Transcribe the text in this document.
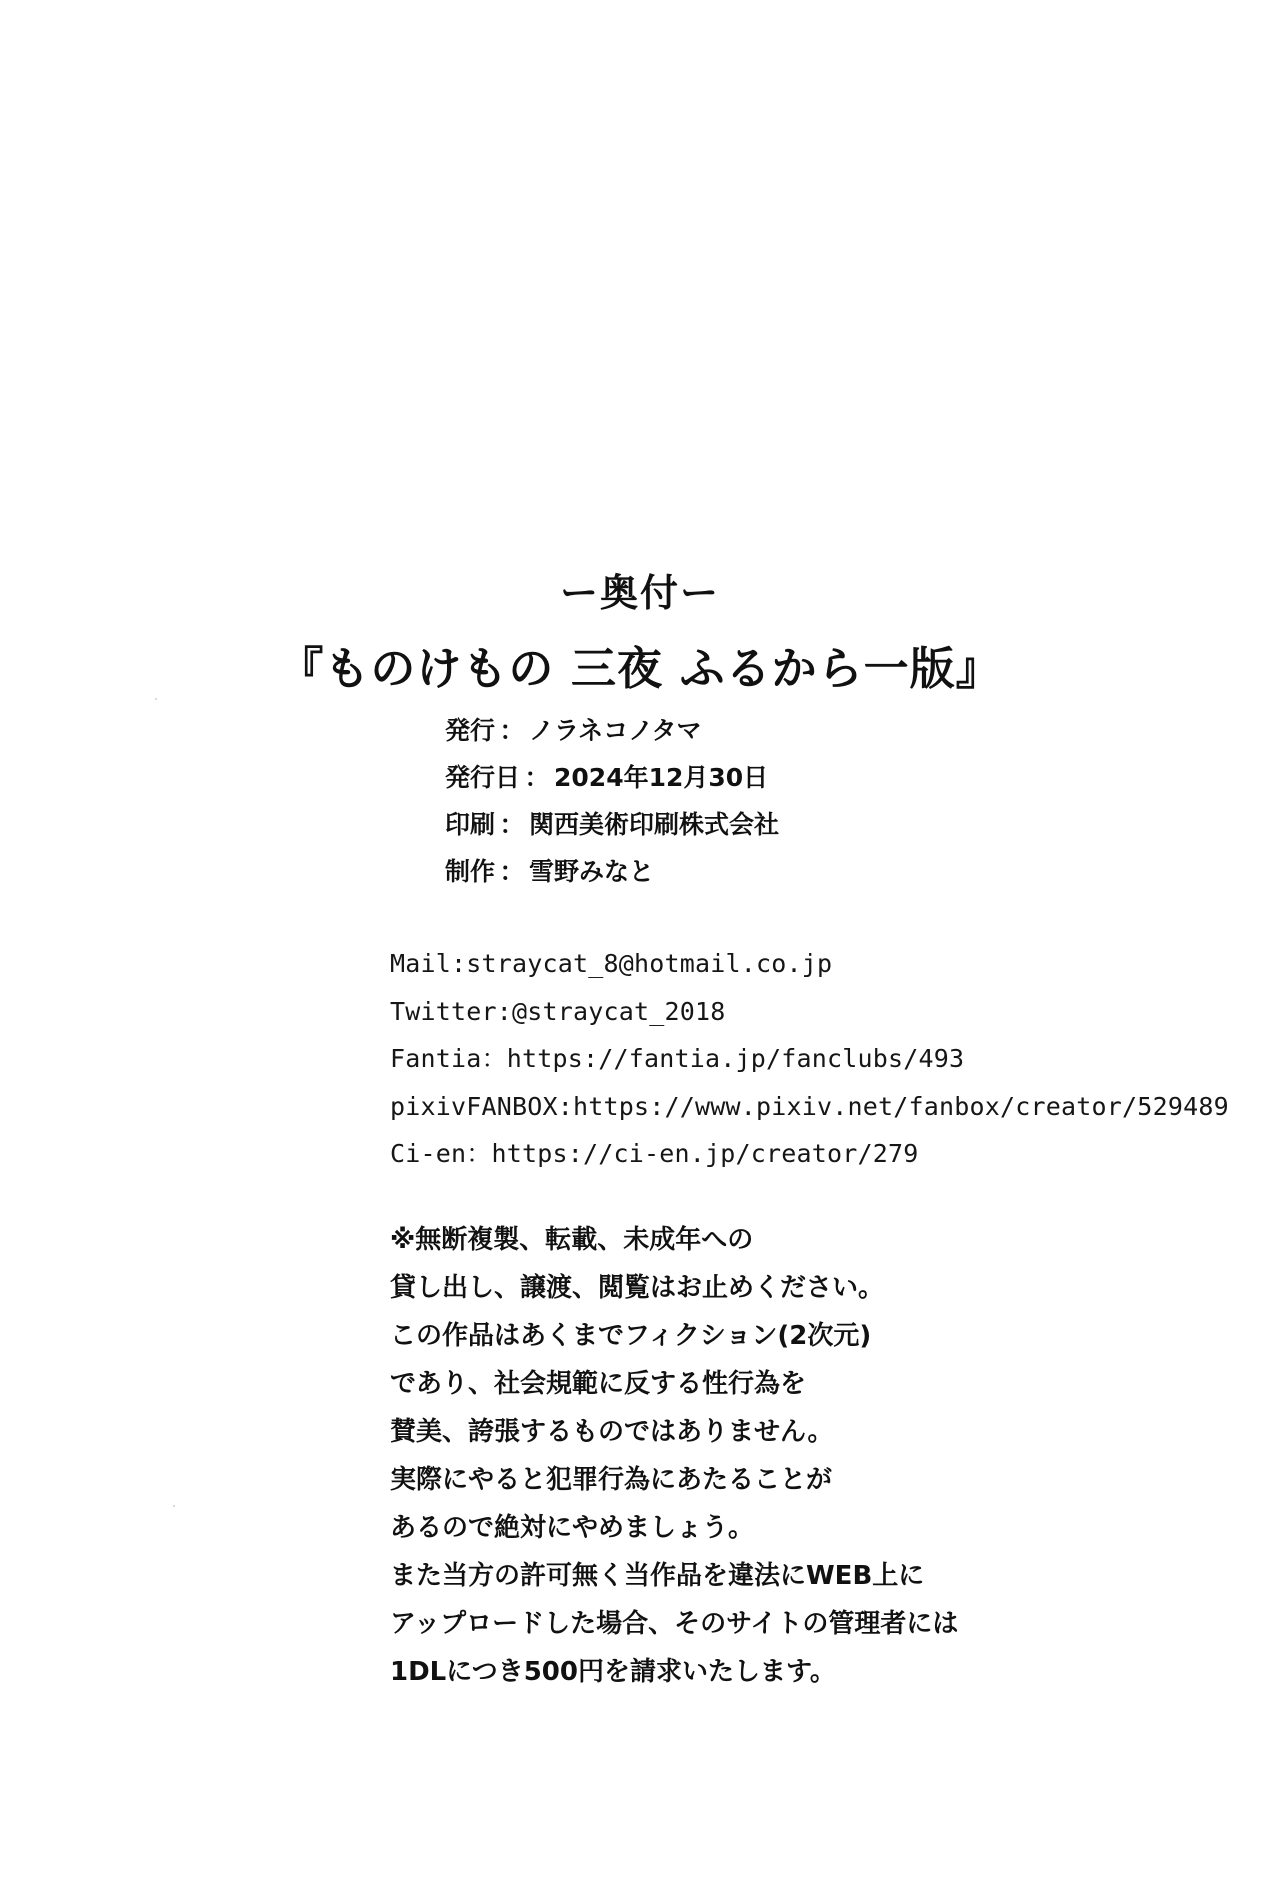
ー奥付ー
『ものけもの 三夜 ふるから一版』
発行 ： ノラネコノタマ
発行日 ： 2024年12月30日
印刷 ： 関西美術印刷株式会社
制作 ： 雪野みなと
Mail:straycat_8@hotmail.co.jp
Twitter:@straycat_2018
Fantia：https://fantia.jp/fanclubs/493
pixivFANBOX:https://www.pixiv.net/fanbox/creator/529489
Ci-en：https://ci-en.jp/creator/279
※無断複製、転載、未成年への
貸し出し、譲渡、閲覧はお止めください。
この作品はあくまでフィクション(2次元)
であり、社会規範に反する性行為を
賛美、誇張するものではありません。
実際にやると犯罪行為にあたることが
あるので絶対にやめましょう。
また当方の許可無く当作品を違法にWEB上に
アップロードした場合、そのサイトの管理者には
1DLにつき500円を請求いたします。
